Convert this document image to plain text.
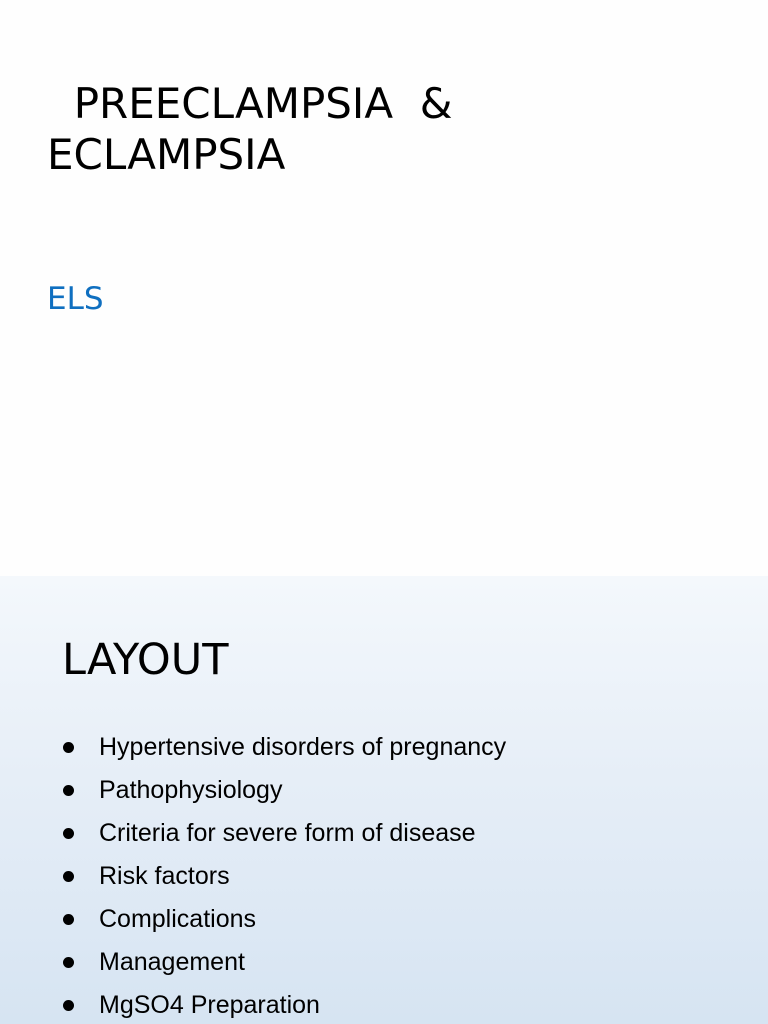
PREECLAMPSIA  &
ECLAMPSIA

ELS

LAYOUT
Hypertensive disorders of pregnancy
Pathophysiology
Criteria for severe form of disease
Risk factors
Complications
Management
MgSO4 Preparation
